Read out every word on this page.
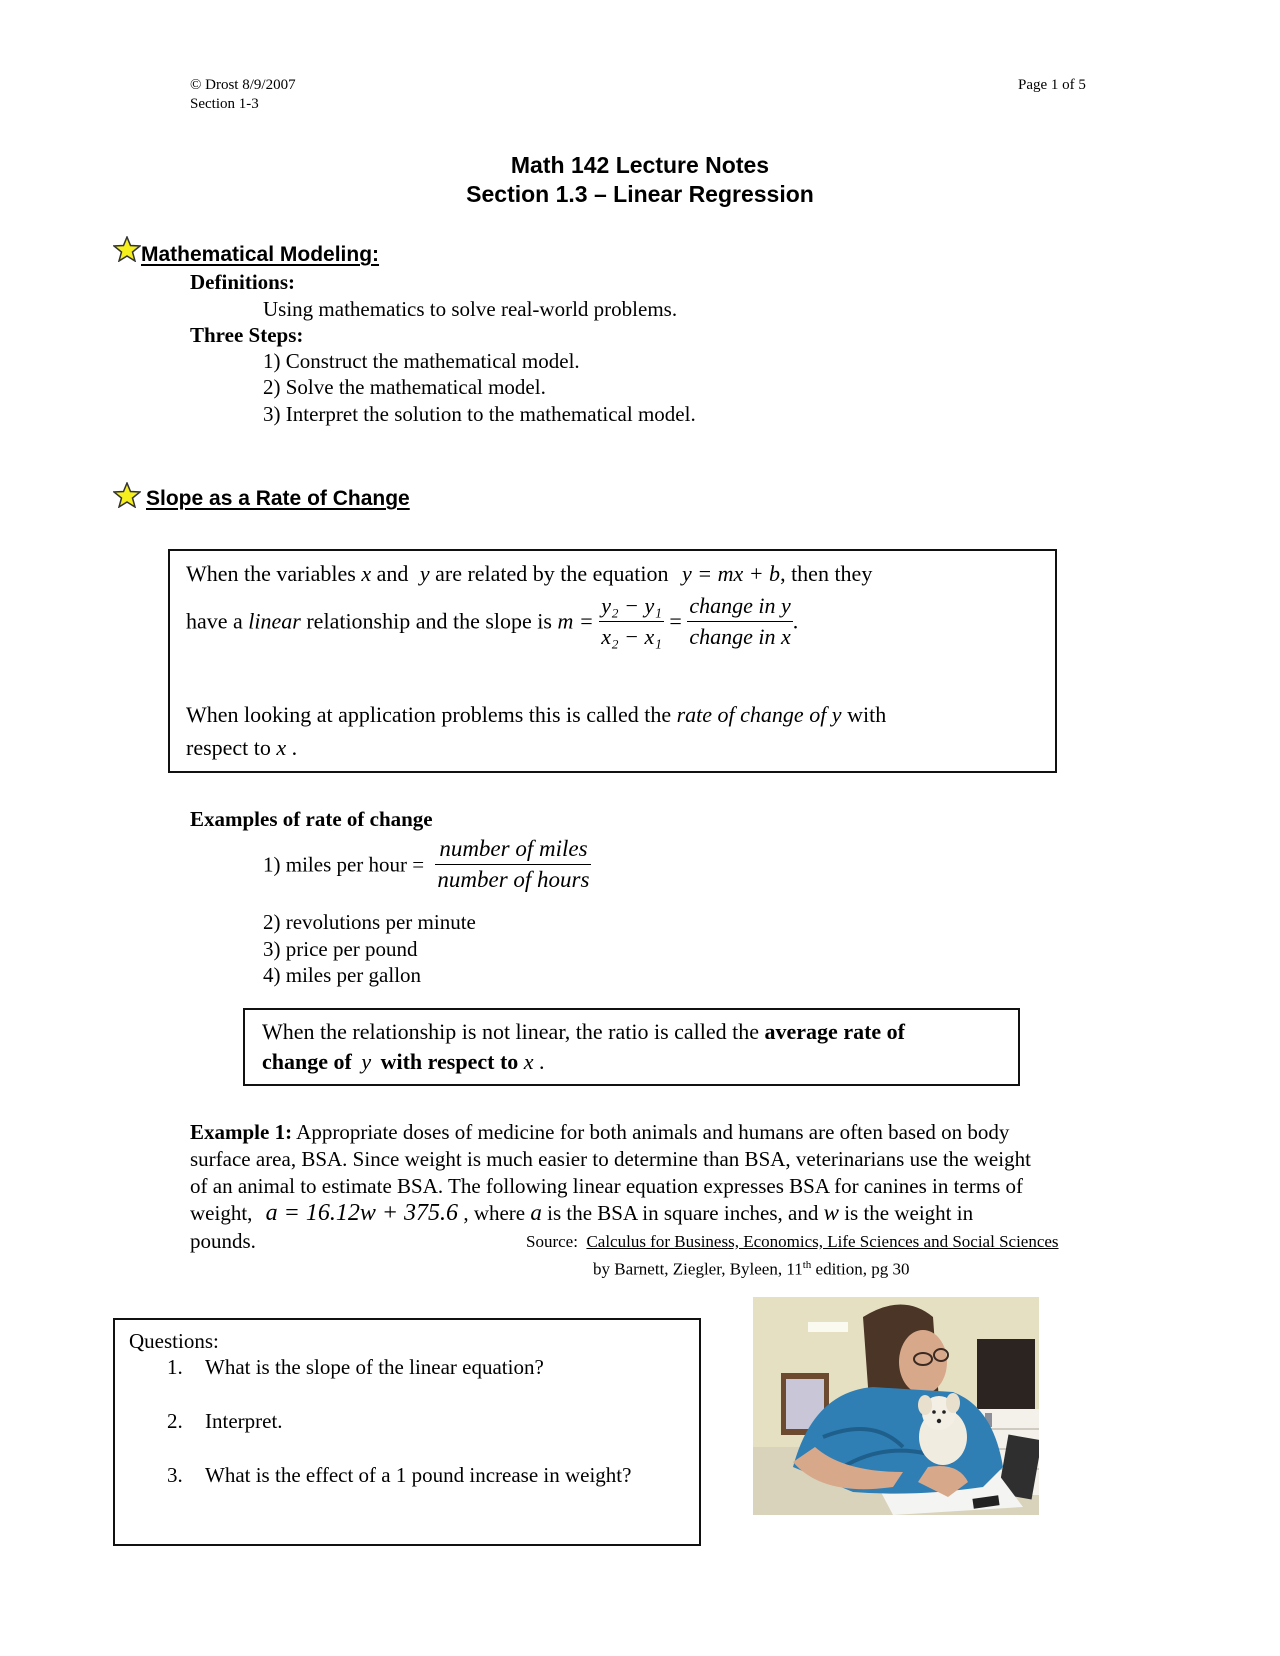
© Drost 8/9/2007
Section 1-3
Page 1 of 5
Math 142 Lecture Notes
Section 1.3 – Linear Regression
Mathematical Modeling:
Definitions:
Using mathematics to solve real-world problems.
Three Steps:
1) Construct the mathematical model.
2) Solve the mathematical model.
3) Interpret the solution to the mathematical model.
Slope as a Rate of Change
When the variables x and y are related by the equation y = mx + b, then they
have a linear relationship and the slope is $m = \frac{\text{y₂ − y₁}}{\text{x₂ − x₁}} = \frac{\text{change in y}}{\text{change in x}}$ .
When looking at application problems this is called the rate of change of y with
respect to x .
Examples of rate of change
1) miles per hour = $\frac{\text{number of miles}}{\text{number of hours}}$
2) revolutions per minute
3) price per pound
4) miles per gallon
When the relationship is not linear, the ratio is called the average rate of
change of y with respect to x .
Example 1: Appropriate doses of medicine for both animals and humans are often based on body
surface area, BSA. Since weight is much easier to determine than BSA, veterinarians use the weight
of an animal to estimate BSA. The following linear equation expresses BSA for canines in terms of
weight, a = 16.12w + 375.6 , where a is the BSA in square inches, and w is the weight in
pounds.	Source: Calculus for Business, Economics, Life Sciences and Social Sciences
by Barnett, Ziegler, Byleen, 11th edition, pg 30
Questions:
1. What is the slope of the linear equation?
2. Interpret.
3. What is the effect of a 1 pound increase in weight?
